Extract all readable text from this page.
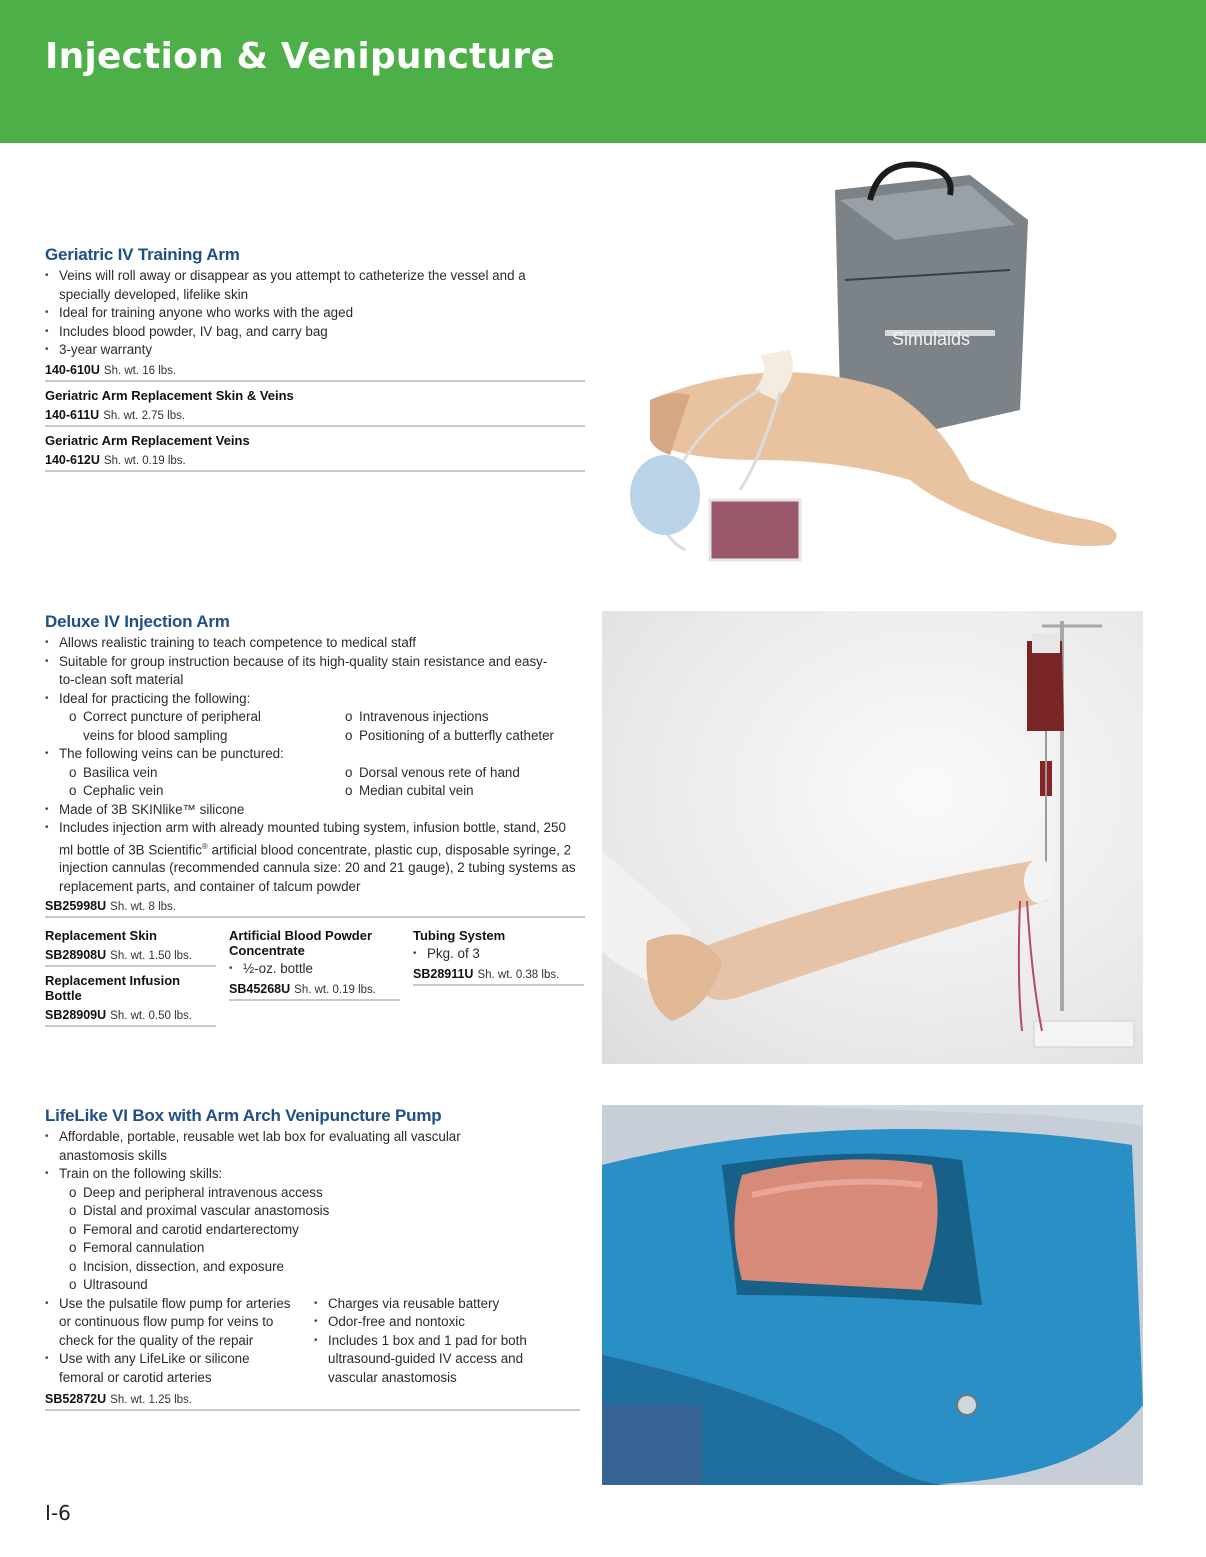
Injection & Venipuncture
Geriatric IV Training Arm
• Veins will roll away or disappear as you attempt to catheterize the vessel and a specially developed, lifelike skin
• Ideal for training anyone who works with the aged
• Includes blood powder, IV bag, and carry bag
• 3-year warranty
140-610U Sh. wt. 16 lbs.
Geriatric Arm Replacement Skin & Veins
140-611U Sh. wt. 2.75 lbs.
Geriatric Arm Replacement Veins
140-612U Sh. wt. 0.19 lbs.
Simulaids
Deluxe IV Injection Arm
• Allows realistic training to teach competence to medical staff
• Suitable for group instruction because of its high-quality stain resistance and easy-to-clean soft material
• Ideal for practicing the following:
o Correct puncture of peripheral veins for blood sampling
o Intravenous injections
o Positioning of a butterfly catheter
• The following veins can be punctured:
o Basilica vein
o Cephalic vein
o Dorsal venous rete of hand
o Median cubital vein
• Made of 3B SKINlike™ silicone
• Includes injection arm with already mounted tubing system, infusion bottle, stand, 250 ml bottle of 3B Scientific® artificial blood concentrate, plastic cup, disposable syringe, 2 injection cannulas (recommended cannula size: 20 and 21 gauge), 2 tubing systems as replacement parts, and container of talcum powder
SB25998U Sh. wt. 8 lbs.
Replacement Skin
SB28908U Sh. wt. 1.50 lbs.
Replacement Infusion Bottle
SB28909U Sh. wt. 0.50 lbs.
Artificial Blood Powder Concentrate
• ½-oz. bottle
SB45268U Sh. wt. 0.19 lbs.
Tubing System
• Pkg. of 3
SB28911U Sh. wt. 0.38 lbs.
LifeLike VI Box with Arm Arch Venipuncture Pump
• Affordable, portable, reusable wet lab box for evaluating all vascular anastomosis skills
• Train on the following skills:
o Deep and peripheral intravenous access
o Distal and proximal vascular anastomosis
o Femoral and carotid endarterectomy
o Femoral cannulation
o Incision, dissection, and exposure
o Ultrasound
• Use the pulsatile flow pump for arteries or continuous flow pump for veins to check for the quality of the repair
• Use with any LifeLike or silicone femoral or carotid arteries
• Charges via reusable battery
• Odor-free and nontoxic
• Includes 1 box and 1 pad for both ultrasound-guided IV access and vascular anastomosis
SB52872U Sh. wt. 1.25 lbs.
I-6
